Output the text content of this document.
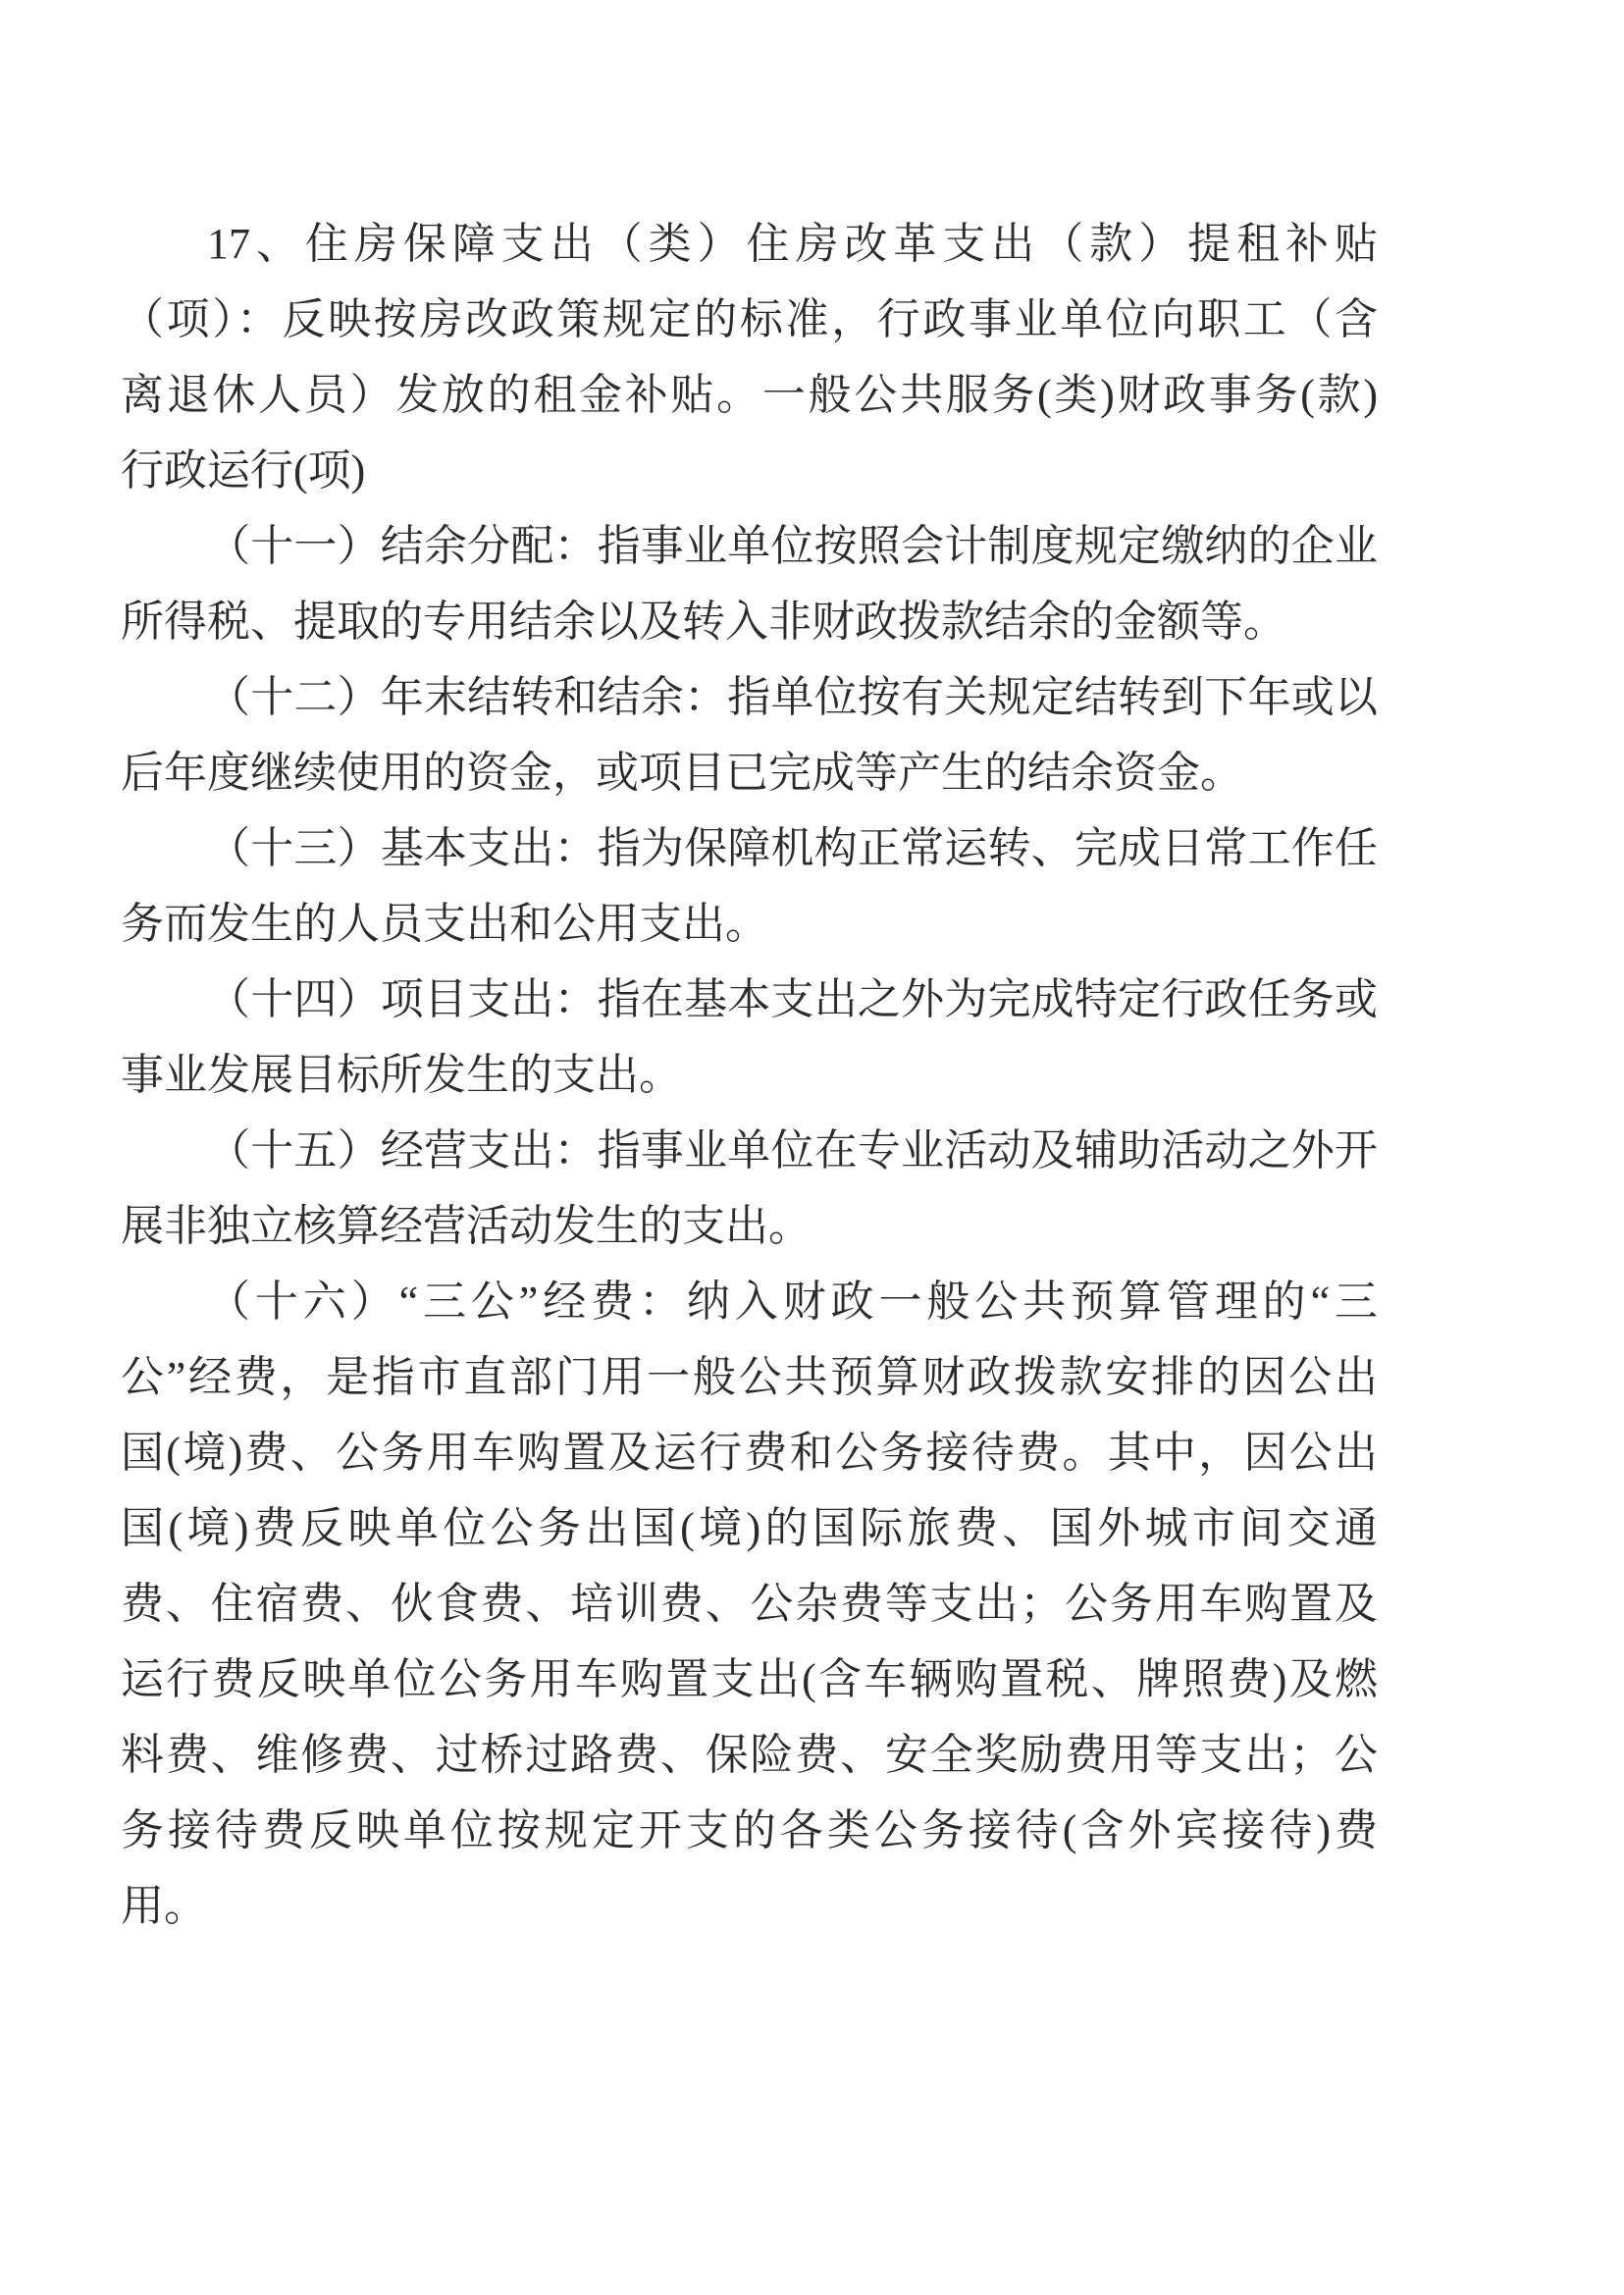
17、住房保障支出（类）住房改革支出（款）提租补贴
（项）：反映按房改政策规定的标准，行政事业单位向职工（含
离退休人员）发放的租金补贴。一般公共服务(类)财政事务(款)
行政运行(项)
（十一）结余分配：指事业单位按照会计制度规定缴纳的企业
所得税、提取的专用结余以及转入非财政拨款结余的金额等。
（十二）年末结转和结余：指单位按有关规定结转到下年或以
后年度继续使用的资金，或项目已完成等产生的结余资金。
（十三）基本支出：指为保障机构正常运转、完成日常工作任
务而发生的人员支出和公用支出。
（十四）项目支出：指在基本支出之外为完成特定行政任务或
事业发展目标所发生的支出。
（十五）经营支出：指事业单位在专业活动及辅助活动之外开
展非独立核算经营活动发生的支出。
（十六）“三公”经费：纳入财政一般公共预算管理的“三
公”经费，是指市直部门用一般公共预算财政拨款安排的因公出
国(境)费、公务用车购置及运行费和公务接待费。其中，因公出
国(境)费反映单位公务出国(境)的国际旅费、国外城市间交通
费、住宿费、伙食费、培训费、公杂费等支出；公务用车购置及
运行费反映单位公务用车购置支出(含车辆购置税、牌照费)及燃
料费、维修费、过桥过路费、保险费、安全奖励费用等支出；公
务接待费反映单位按规定开支的各类公务接待(含外宾接待)费
用。
